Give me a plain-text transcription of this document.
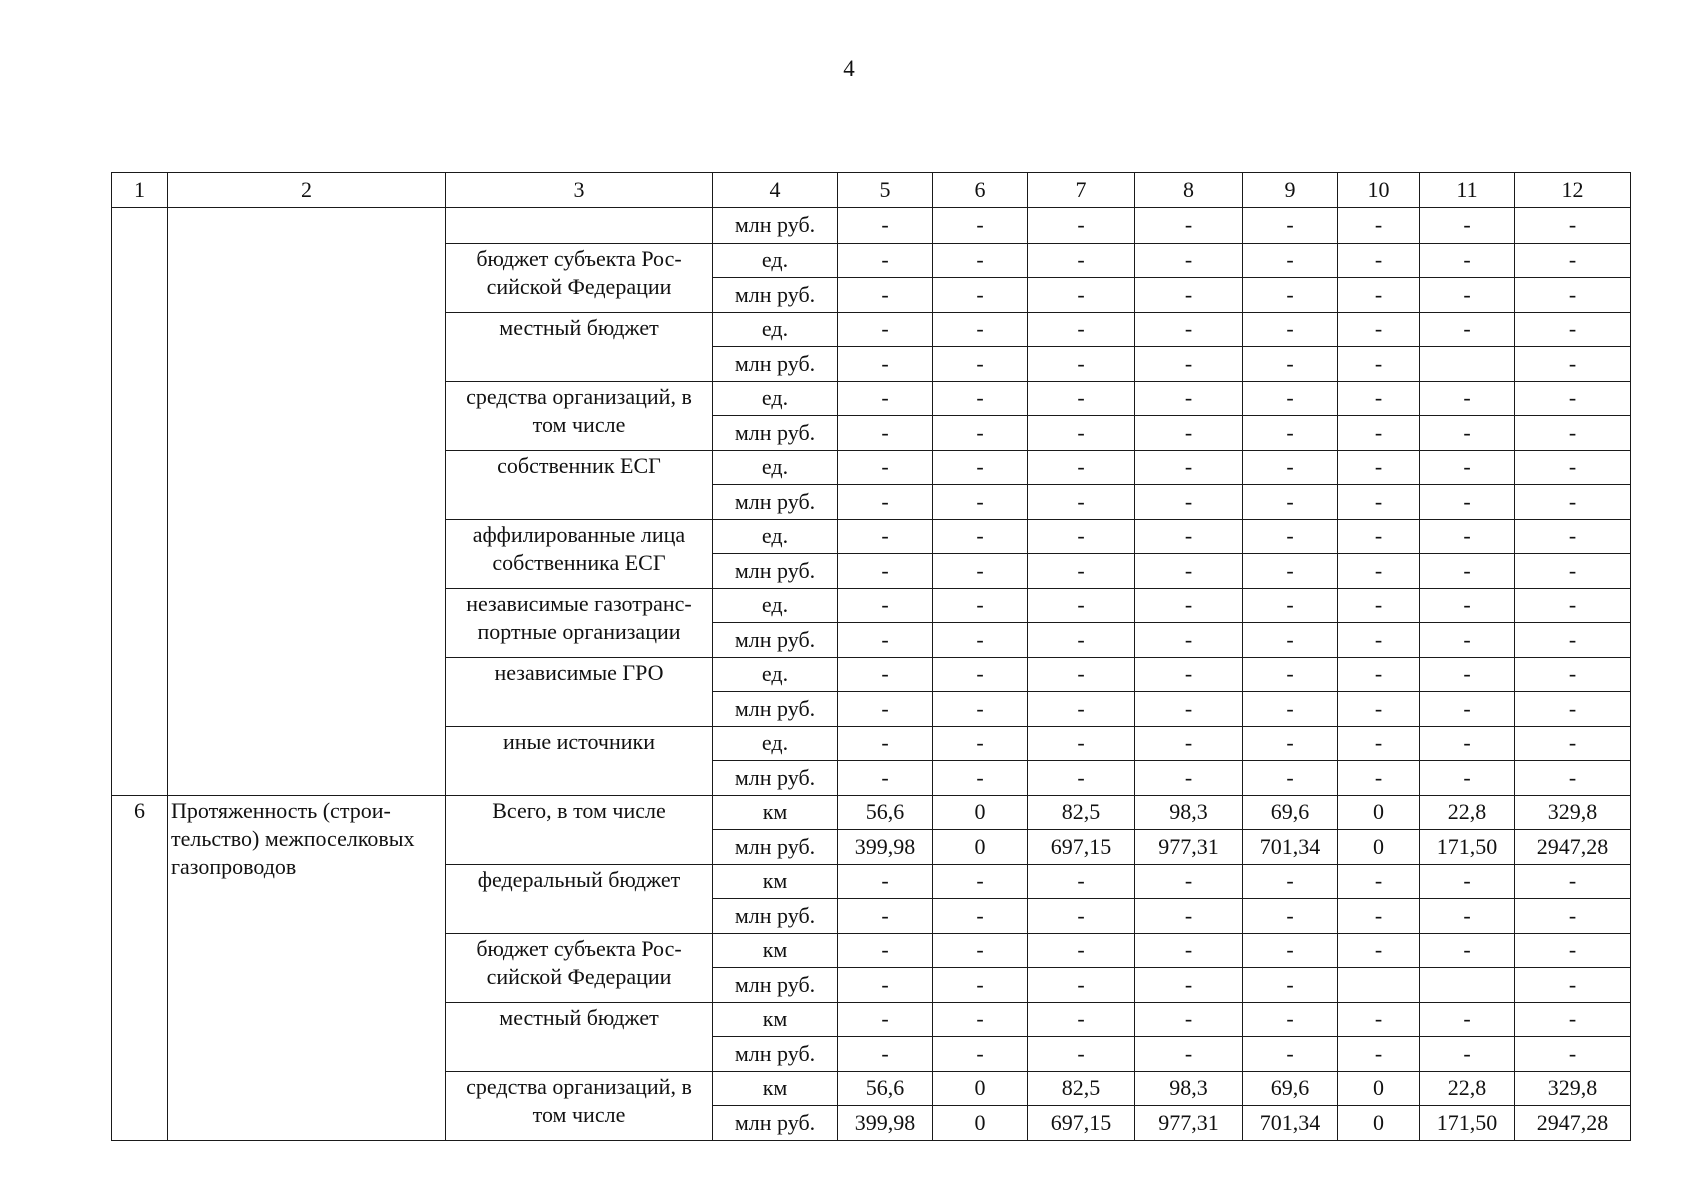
4
1	2	3	4	5	6	7	8	9	10	11	12
			млн руб.	-	-	-	-	-	-	-	-
		бюджет субъекта Рос-
сийской Федерации	ед.	-	-	-	-	-	-	-	-
			млн руб.	-	-	-	-	-	-	-	-
		местный бюджет	ед.	-	-	-	-	-	-	-	-
			млн руб.	-	-	-	-	-	-		-
		средства организаций, в
том числе	ед.	-	-	-	-	-	-	-	-
			млн руб.	-	-	-	-	-	-	-	-
		собственник ЕСГ	ед.	-	-	-	-	-	-	-	-
			млн руб.	-	-	-	-	-	-	-	-
		аффилированные лица
собственника ЕСГ	ед.	-	-	-	-	-	-	-	-
			млн руб.	-	-	-	-	-	-	-	-
		независимые газотранс-
портные организации	ед.	-	-	-	-	-	-	-	-
			млн руб.	-	-	-	-	-	-	-	-
		независимые ГРО	ед.	-	-	-	-	-	-	-	-
			млн руб.	-	-	-	-	-	-	-	-
		иные источники	ед.	-	-	-	-	-	-	-	-
			млн руб.	-	-	-	-	-	-	-	-
6	Протяженность (строи-
тельство) межпоселковых
газопроводов	Всего, в том числе	км	56,6	0	82,5	98,3	69,6	0	22,8	329,8
			млн руб.	399,98	0	697,15	977,31	701,34	0	171,50	2947,28
		федеральный бюджет	км	-	-	-	-	-	-	-	-
			млн руб.	-	-	-	-	-	-	-	-
		бюджет субъекта Рос-
сийской Федерации	км	-	-	-	-	-	-	-	-
			млн руб.	-	-	-	-	-			-
		местный бюджет	км	-	-	-	-	-	-	-	-
			млн руб.	-	-	-	-	-	-	-	-
		средства организаций, в
том числе	км	56,6	0	82,5	98,3	69,6	0	22,8	329,8
			млн руб.	399,98	0	697,15	977,31	701,34	0	171,50	2947,28
